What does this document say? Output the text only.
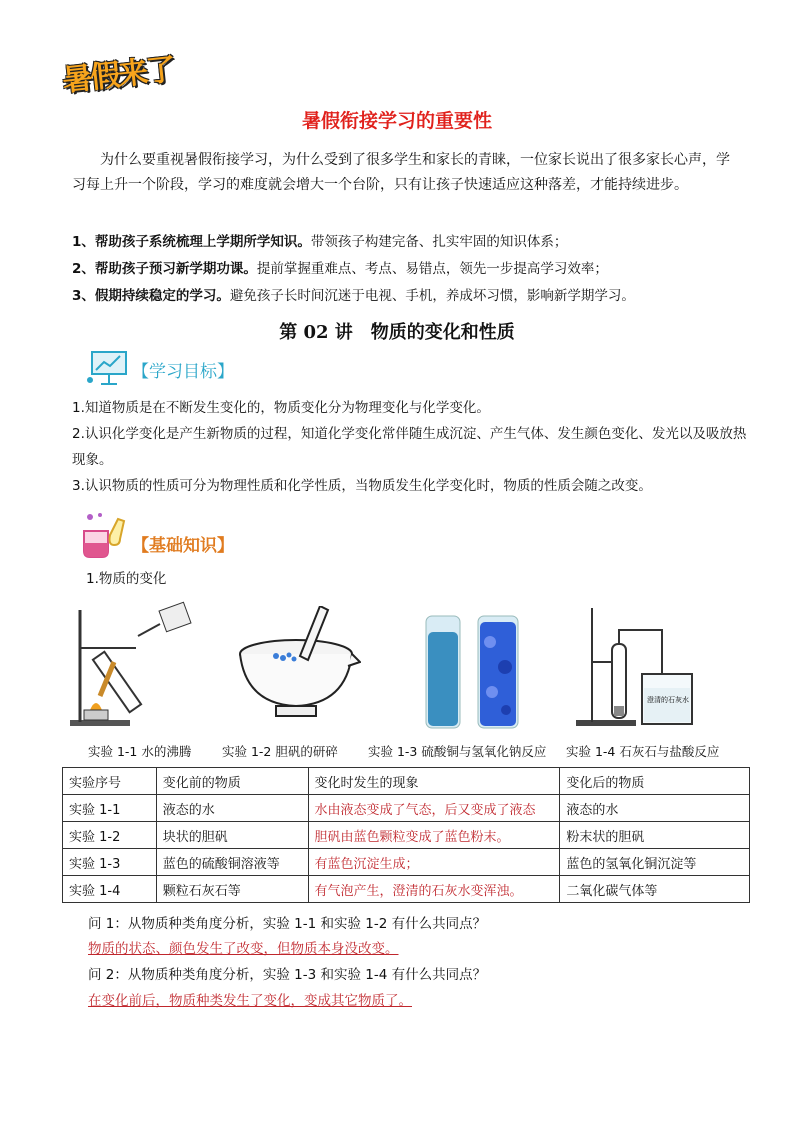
暑假来了
暑假衔接学习的重要性
为什么要重视暑假衔接学习，为什么受到了很多学生和家长的青睐，一位家长说出了很多家长心声，学习每上升一个阶段，学习的难度就会增大一个台阶，只有让孩子快速适应这种落差，才能持续进步。
1、帮助孩子系统梳理上学期所学知识。带领孩子构建完备、扎实牢固的知识体系；
2、帮助孩子预习新学期功课。提前掌握重难点、考点、易错点，领先一步提高学习效率；
3、假期持续稳定的学习。避免孩子长时间沉迷于电视、手机，养成坏习惯，影响新学期学习。
第 02 讲　物质的变化和性质
【学习目标】
1.知道物质是在不断发生变化的，物质变化分为物理变化与化学变化。
2.认识化学变化是产生新物质的过程，知道化学变化常伴随生成沉淀、产生气体、发生颜色变化、发光以及吸放热现象。
3.认识物质的性质可分为物理性质和化学性质，当物质发生化学变化时，物质的性质会随之改变。
【基础知识】
1.物质的变化
澄清的石灰水
实验 1-1 水的沸腾 实验 1-2 胆矾的研碎 实验 1-3 硫酸铜与氢氧化钠反应 实验 1-4 石灰石与盐酸反应
实验序号	变化前的物质	变化时发生的现象	变化后的物质
实验 1-1	液态的水	水由液态变成了气态，后又变成了液态	液态的水
实验 1-2	块状的胆矾	胆矾由蓝色颗粒变成了蓝色粉末。	粉末状的胆矾
实验 1-3	蓝色的硫酸铜溶液等	有蓝色沉淀生成；	蓝色的氢氧化铜沉淀等
实验 1-4	颗粒石灰石等	有气泡产生，澄清的石灰水变浑浊。	二氧化碳气体等
问 1：从物质种类角度分析，实验 1-1 和实验 1-2 有什么共同点？
物质的状态、颜色发生了改变，但物质本身没改变。
问 2：从物质种类角度分析，实验 1-3 和实验 1-4 有什么共同点？
在变化前后，物质种类发生了变化，变成其它物质了。
